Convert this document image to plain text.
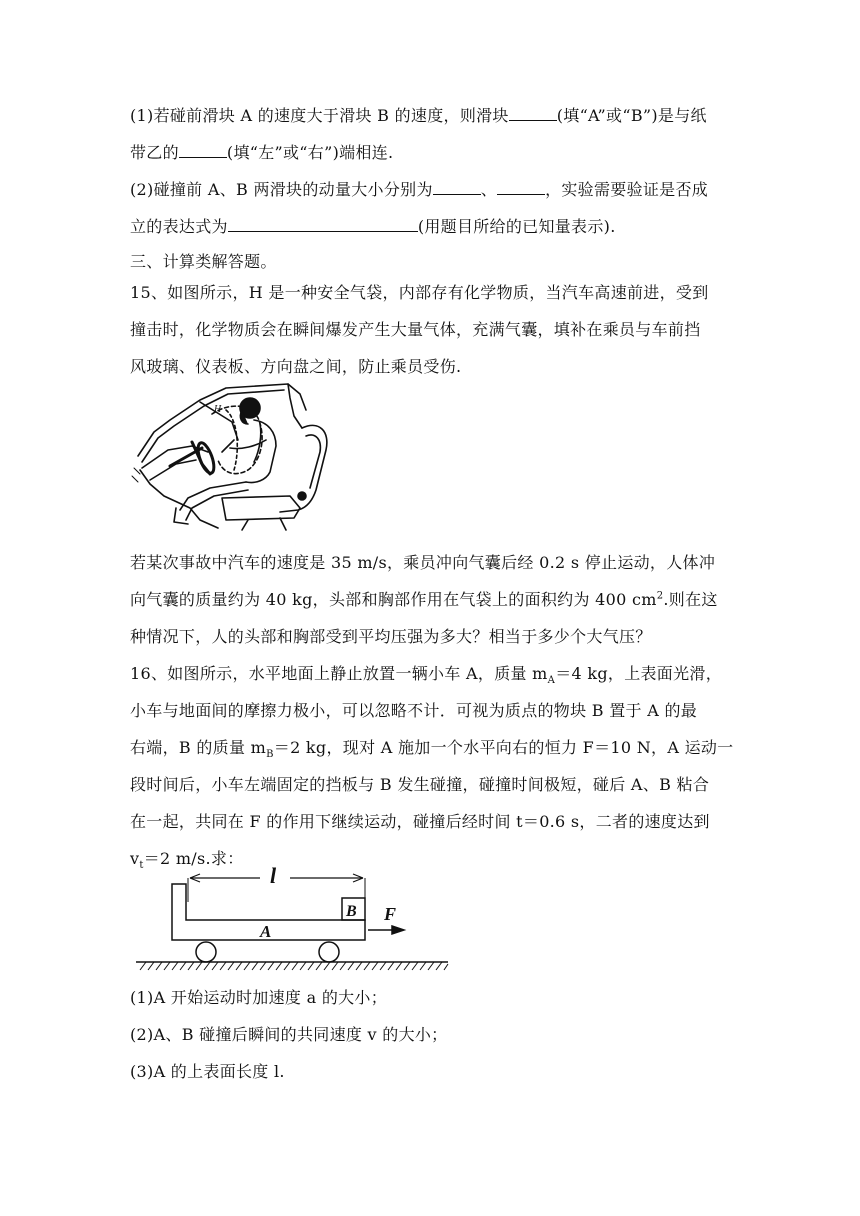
(1)若碰前滑块 A 的速度大于滑块 B 的速度，则滑块	(填“A”或“B”)是与纸
带乙的	(填“左”或“右”)端相连.
(2)碰撞前 A、B 两滑块的动量大小分别为	、	，实验需要验证是否成
立的表达式为	(用题目所给的已知量表示).
三、计算类解答题。
15、如图所示，H 是一种安全气袋，内部存有化学物质，当汽车高速前进，受到
撞击时，化学物质会在瞬间爆发产生大量气体，充满气囊，填补在乘员与车前挡
风玻璃、仪表板、方向盘之间，防止乘员受伤.
H
若某次事故中汽车的速度是 35 m/s，乘员冲向气囊后经 0.2 s 停止运动，人体冲
向气囊的质量约为 40 kg，头部和胸部作用在气袋上的面积约为 400 $cm^2$.则在这
种情况下，人的头部和胸部受到平均压强为多大？相当于多少个大气压？
16、如图所示，水平地面上静止放置一辆小车 A，质量 $m_A=4$ kg，上表面光滑，
小车与地面间的摩擦力极小，可以忽略不计．可视为质点的物块 B 置于 A 的最
右端，B 的质量 $m_B=2$ kg，现对 A 施加一个水平向右的恒力 F＝10 N，A 运动一
段时间后，小车左端固定的挡板与 B 发生碰撞，碰撞时间极短，碰后 A、B 粘合
在一起，共同在 F 的作用下继续运动，碰撞后经时间 t＝0.6 s，二者的速度达到
$v_t=2$ m/s.求：
l
A
B F
(1)A 开始运动时加速度 a 的大小；
(2)A、B 碰撞后瞬间的共同速度 v 的大小；
(3)A 的上表面长度 l.
